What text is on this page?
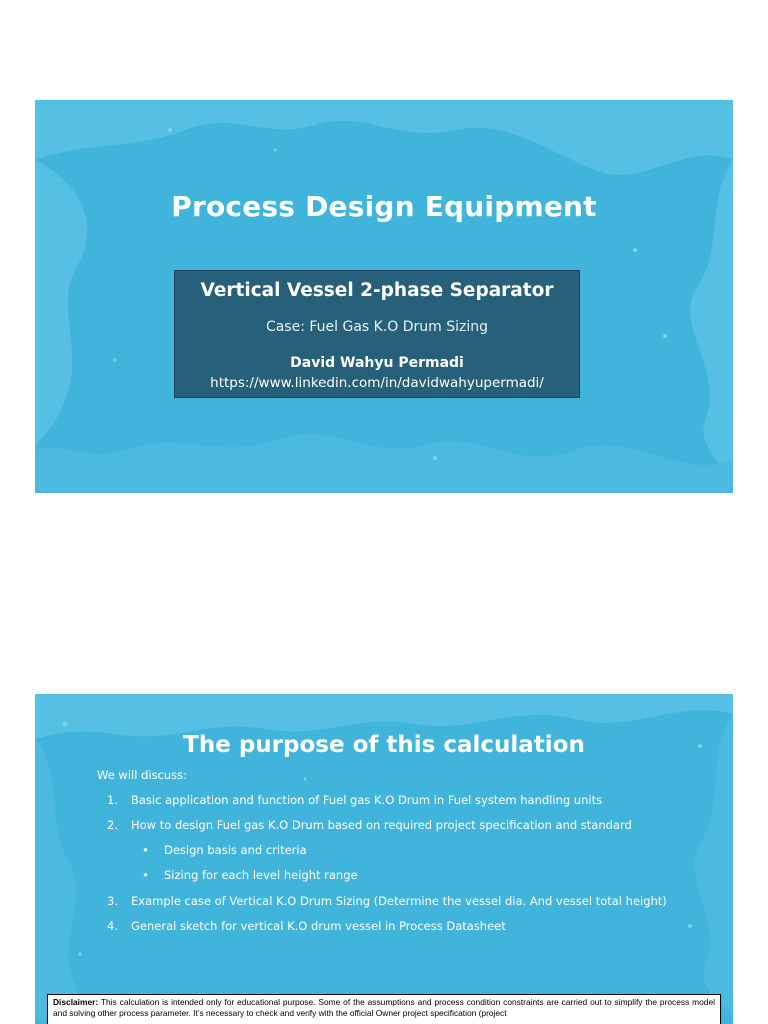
Process Design Equipment
Vertical Vessel 2-phase Separator
Case: Fuel Gas K.O Drum Sizing
David Wahyu Permadi
https://www.linkedin.com/in/davidwahyupermadi/
The purpose of this calculation
We will discuss:
1. Basic application and function of Fuel gas K.O Drum in Fuel system handling units
2. How to design Fuel gas K.O Drum based on required project specification and standard
• Design basis and criteria
• Sizing for each level height range
3. Example case of Vertical K.O Drum Sizing (Determine the vessel dia. And vessel total height)
4. General sketch for vertical K.O drum vessel in Process Datasheet
Disclaimer: This calculation is intended only for educational purpose. Some of the assumptions and process condition constraints are carried out to simplify the process model and solving other process parameter. It’s necessary to check and verify with the official Owner project specification (project
